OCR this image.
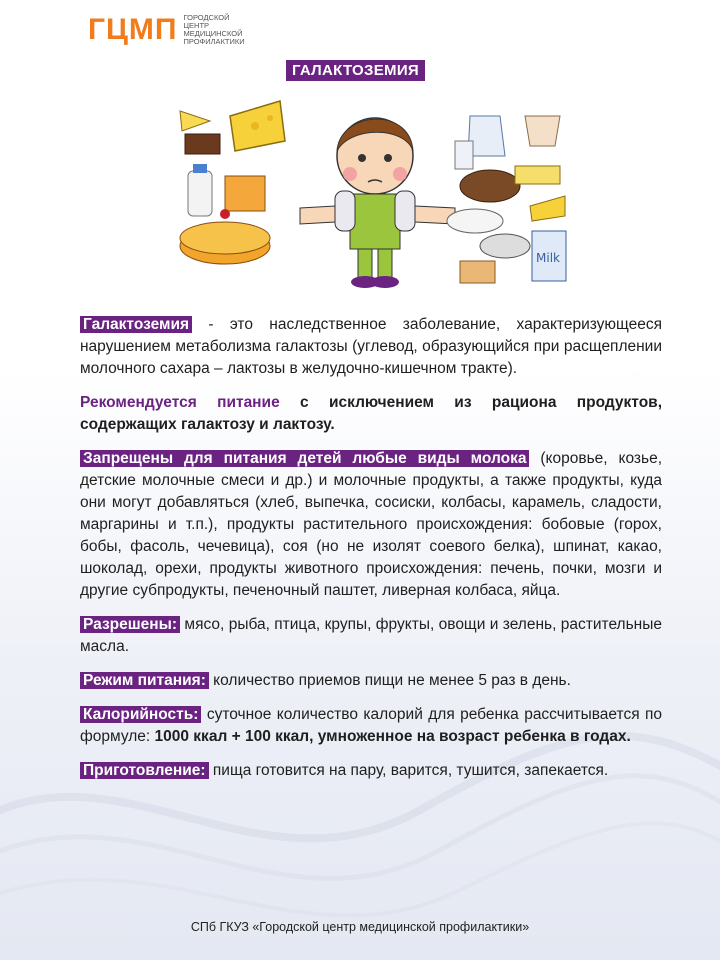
ГЦМП ГОРОДСКОЙ ЦЕНТР МЕДИЦИНСКОЙ ПРОФИЛАКТИКИ
ГАЛАКТОЗЕМИЯ
Milk

Галактоземия - это наследственное заболевание, характеризующееся нарушением метаболизма галактозы (углевод, образующийся при расщеплении молочного сахара – лактозы в желудочно-кишечном тракте).

Рекомендуется питание с исключением из рациона продуктов, содержащих галактозу и лактозу.

Запрещены для питания детей любые виды молока (коровье, козье, детские молочные смеси и др.) и молочные продукты, а также продукты, куда они могут добавляться (хлеб, выпечка, сосиски, колбасы, карамель, сладости, маргарины и т.п.), продукты растительного происхождения: бобовые (горох, бобы, фасоль, чечевица), соя (но не изолят соевого белка), шпинат, какао, шоколад, орехи, продукты животного происхождения: печень, почки, мозги и другие субпродукты, печеночный паштет, ливерная колбаса, яйца.

Разрешены: мясо, рыба, птица, крупы, фрукты, овощи и зелень, растительные масла.

Режим питания: количество приемов пищи не менее 5 раз в день.

Калорийность: суточное количество калорий для ребенка рассчитывается по формуле: 1000 ккал + 100 ккал, умноженное на возраст ребенка в годах.

Приготовление: пища готовится на пару, варится, тушится, запекается.

СПб ГКУЗ «Городской центр медицинской профилактики»
